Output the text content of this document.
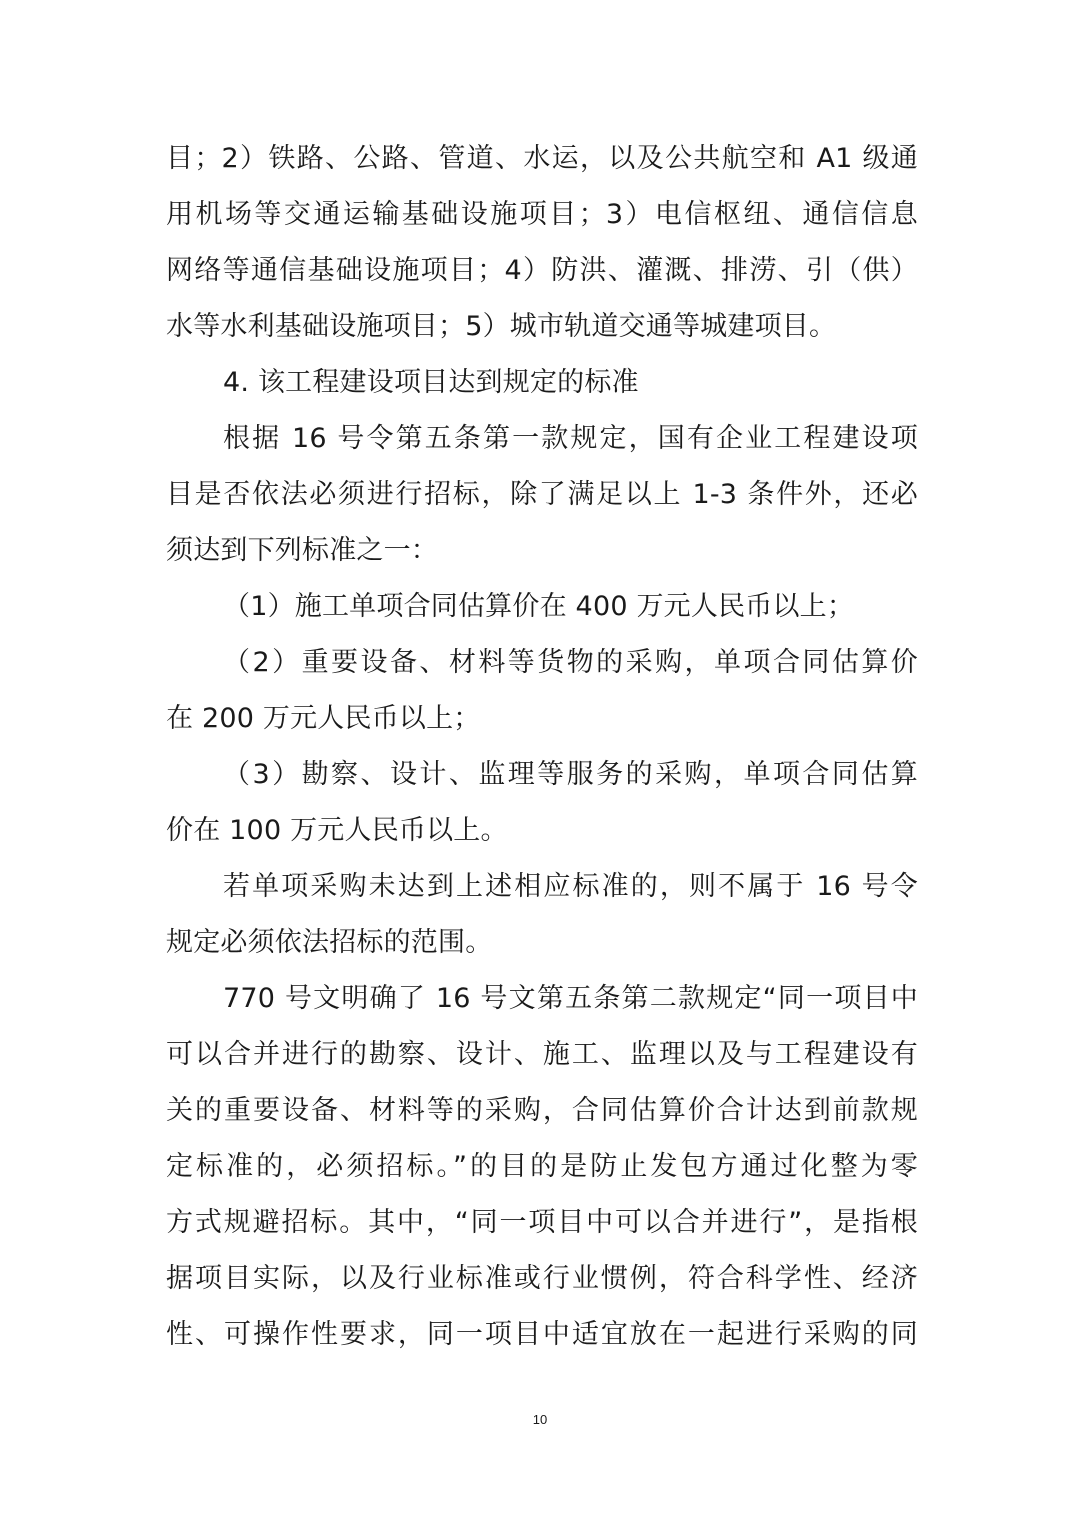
目；2）铁路、公路、管道、水运，以及公共航空和 A1 级通
用机场等交通运输基础设施项目；3）电信枢纽、通信信息
网络等通信基础设施项目；4）防洪、灌溉、排涝、引（供）
水等水利基础设施项目；5）城市轨道交通等城建项目。
4. 该工程建设项目达到规定的标准
根据 16 号令第五条第一款规定，国有企业工程建设项
目是否依法必须进行招标，除了满足以上 1-3 条件外，还必
须达到下列标准之一：
（1）施工单项合同估算价在 400 万元人民币以上；
（2）重要设备、材料等货物的采购，单项合同估算价
在 200 万元人民币以上；
（3）勘察、设计、监理等服务的采购，单项合同估算
价在 100 万元人民币以上。
若单项采购未达到上述相应标准的，则不属于 16 号令
规定必须依法招标的范围。
770 号文明确了 16 号文第五条第二款规定“同一项目中
可以合并进行的勘察、设计、施工、监理以及与工程建设有
关的重要设备、材料等的采购，合同估算价合计达到前款规
定标准的，必须招标。”的目的是防止发包方通过化整为零
方式规避招标。其中，“同一项目中可以合并进行”，是指根
据项目实际，以及行业标准或行业惯例，符合科学性、经济
性、可操作性要求，同一项目中适宜放在一起进行采购的同
10
